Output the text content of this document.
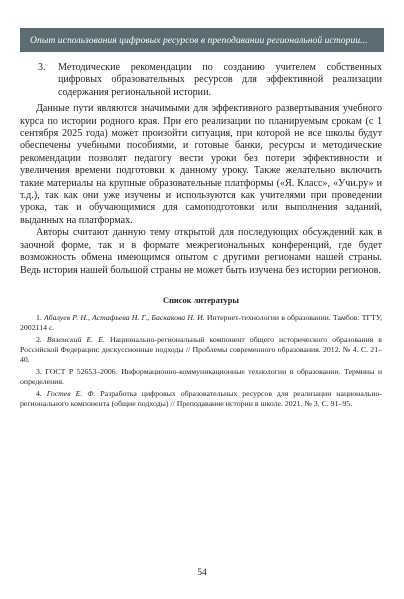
Опыт использования цифровых ресурсов в преподавании региональной истории...
3.	Методические рекомендации по созданию учителем собственных цифровых образовательных ресурсов для эффективной реализации содержания региональной истории.

Данные пути являются значимыми для эффективного развертывания учебного курса по истории родного края. При его реализации по планируемым срокам (с 1 сентября 2025 года) может произойти ситуация, при которой не все школы будут обеспечены учебными пособиями, и готовые банки, ресурсы и методические рекомендации позволят педагогу вести уроки без потери эффективности и увеличения времени подготовки к данному уроку. Также желательно включить такие материалы на крупные образовательные платформы («Я. Класс», «Учи.ру» и т.д.), так как они уже изучены и используются как учителями при проведении урока, так и обучающимися для самоподготовки или выполнения заданий, выданных на платформах.

Авторы считают данную тему открытой для последующих обсуждений как в заочной форме, так и в формате межрегиональных конференций, где будет возможность обмена имеющимся опытом с другими регионами нашей страны. Ведь история нашей большой страны не может быть изучена без истории регионов.

Список литературы

1. Абалуев Р. Н., Астафьева Н. Г., Баскакова Н. И. Интернет-технологии в образовании. Тамбов: ТГТУ, 2002114 с.

2. Вяземский Е. Е. Национально-региональный компонент общего исторического образования в Российской Федерации: дискуссионные подходы // Проблемы современного образования. 2012. № 4. С. 21–40.

3. ГОСТ Р 52653–2006. Информационно-коммуникационные технологии в образовании. Термины и определения.

4. Гостев Е. Ф. Разработка цифровых образовательных ресурсов для реализации национально-регионального компонента (общие подходы) // Преподавание истории в школе. 2021. № 3. С. 91–95.

54
